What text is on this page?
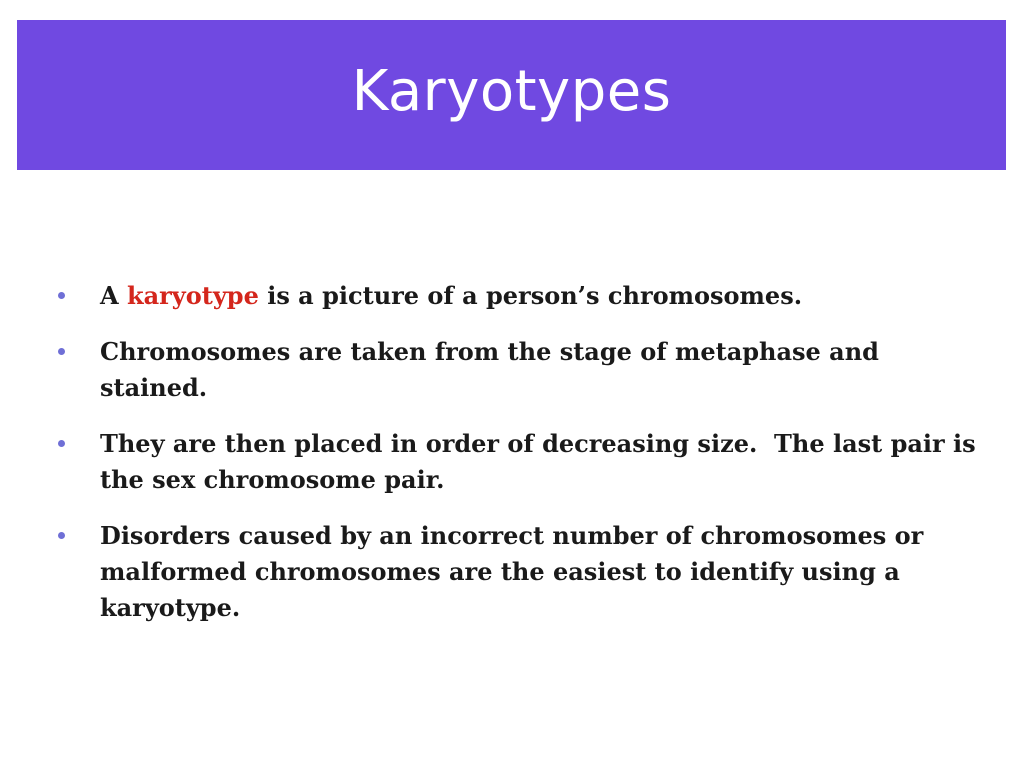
Karyotypes
A karyotype is a picture of a person’s chromosomes.
Chromosomes are taken from the stage of metaphase and stained.
They are then placed in order of decreasing size.  The last pair is the sex chromosome pair.
Disorders caused by an incorrect number of chromosomes or malformed chromosomes are the easiest to identify using a karyotype.
